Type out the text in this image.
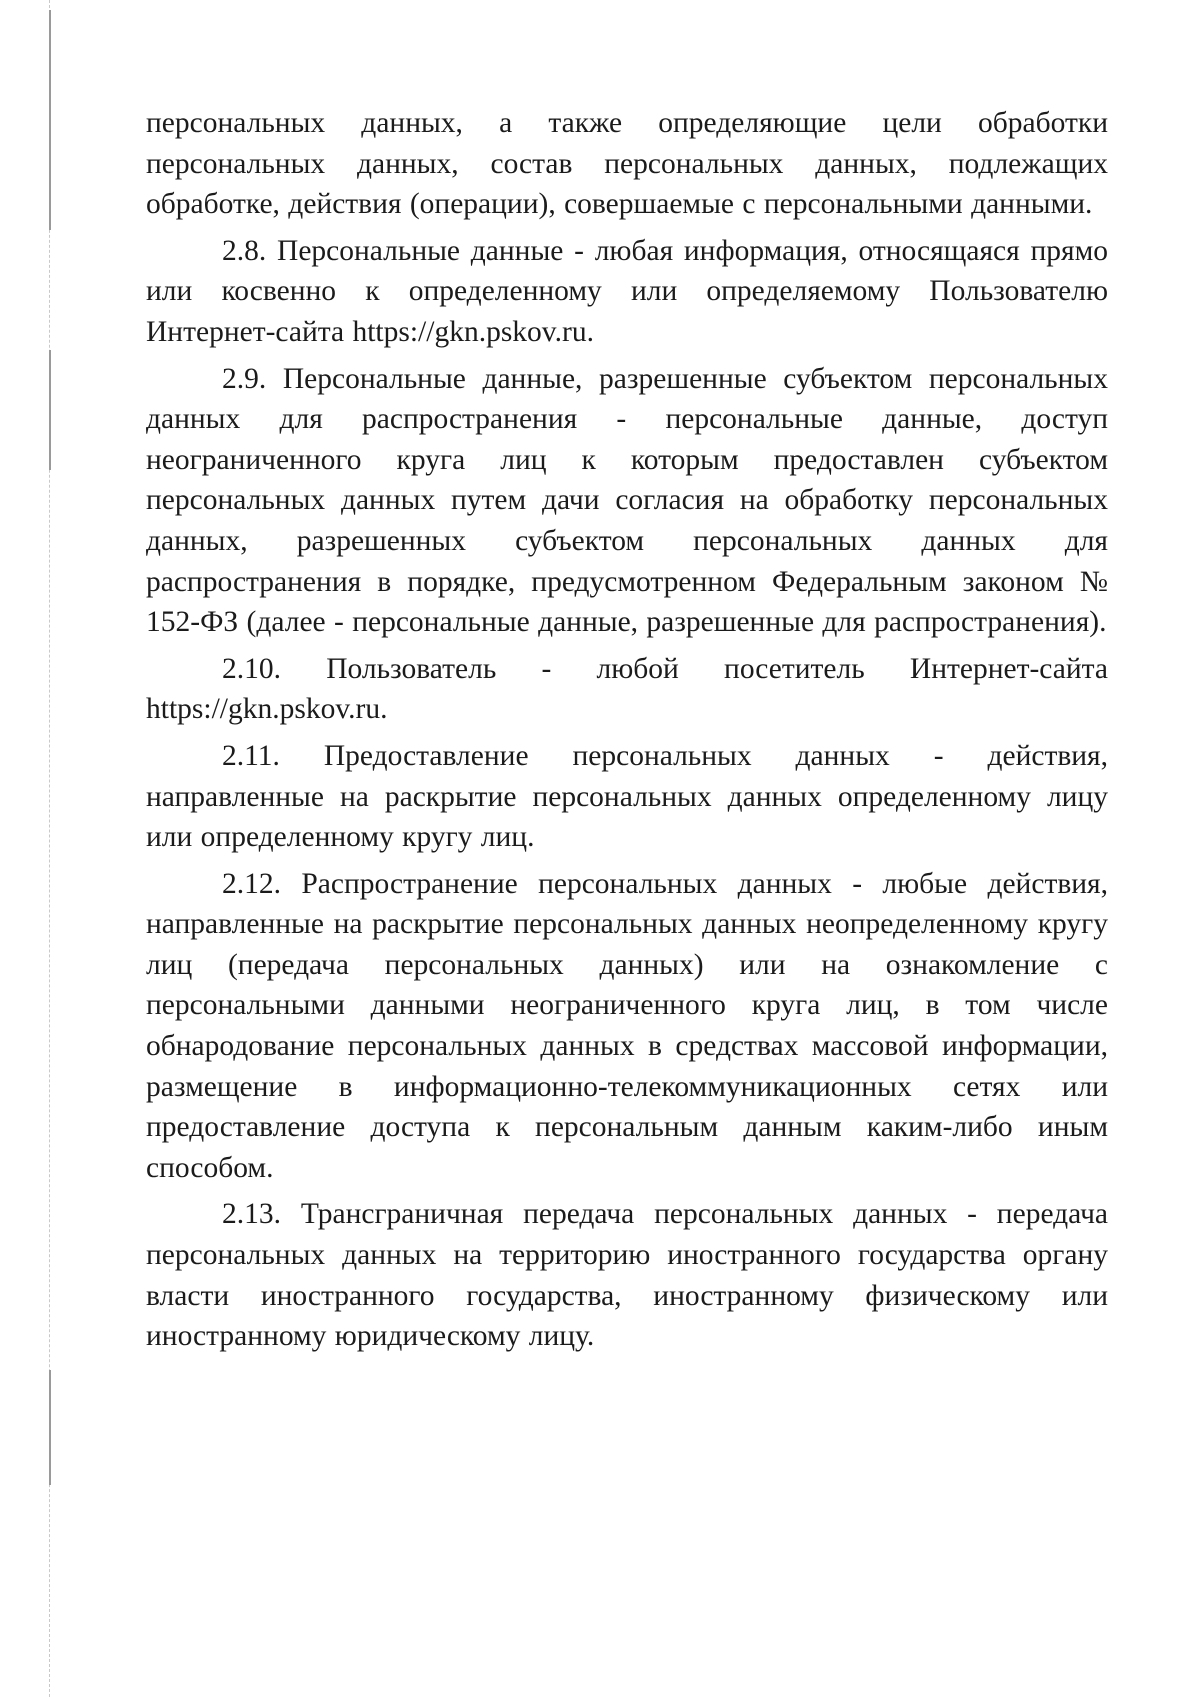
персональных данных, а также определяющие цели обработки персональных данных, состав персональных данных, подлежащих обработке, действия (операции), совершаемые с персональными данными.

2.8. Персональные данные - любая информация, относящаяся прямо или косвенно к определенному или определяемому Пользователю Интернет-сайта https://gkn.pskov.ru.

2.9. Персональные данные, разрешенные субъектом персональных данных для распространения - персональные данные, доступ неограниченного круга лиц к которым предоставлен субъектом персональных данных путем дачи согласия на обработку персональных данных, разрешенных субъектом персональных данных для распространения в порядке, предусмотренном Федеральным законом № 152-ФЗ (далее - персональные данные, разрешенные для распространения).

2.10. Пользователь - любой посетитель Интернет-сайта https://gkn.pskov.ru.

2.11. Предоставление персональных данных - действия, направленные на раскрытие персональных данных определенному лицу или определенному кругу лиц.

2.12. Распространение персональных данных - любые действия, направленные на раскрытие персональных данных неопределенному кругу лиц (передача персональных данных) или на ознакомление с персональными данными неограниченного круга лиц, в том числе обнародование персональных данных в средствах массовой информации, размещение в информационно-телекоммуникационных сетях или предоставление доступа к персональным данным каким-либо иным способом.

2.13. Трансграничная передача персональных данных - передача персональных данных на территорию иностранного государства органу власти иностранного государства, иностранному физическому или иностранному юридическому лицу.
